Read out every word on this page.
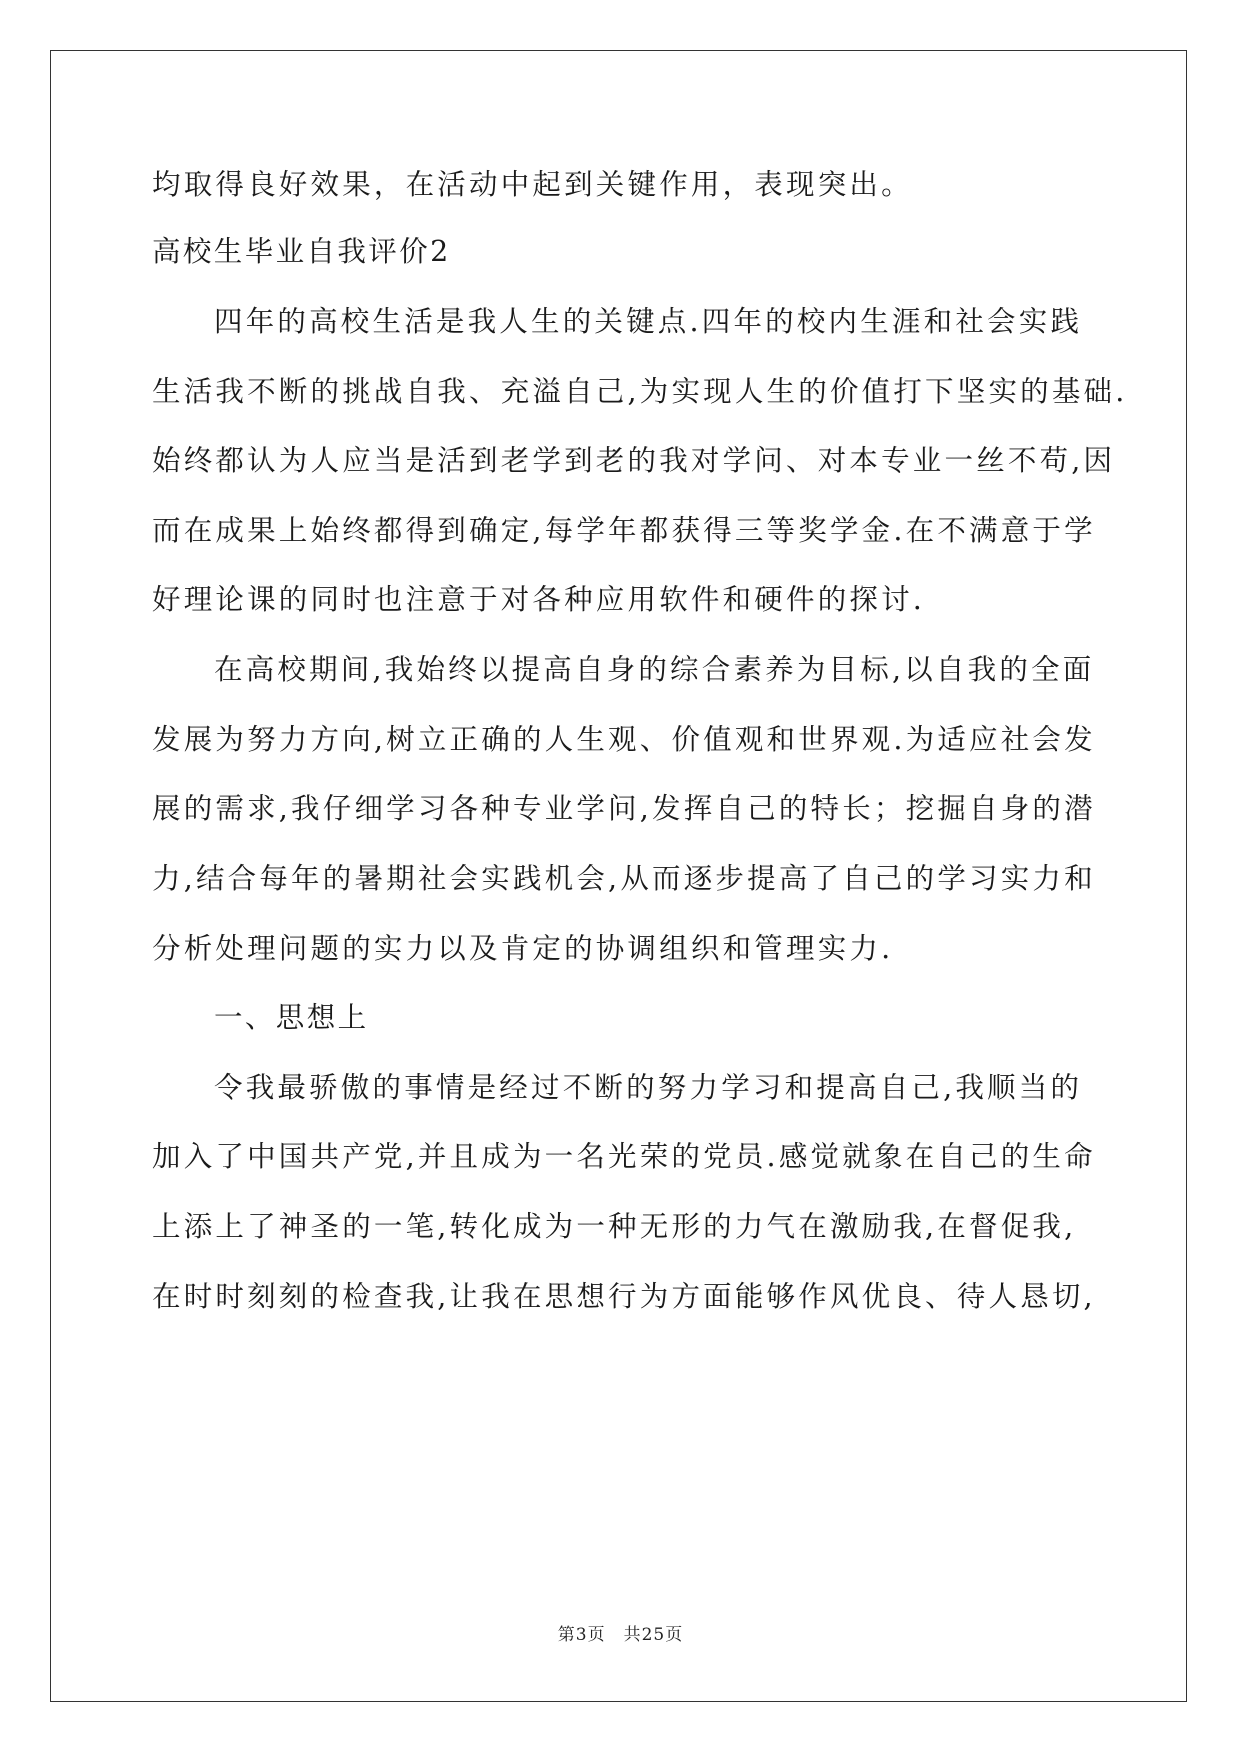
均取得良好效果，在活动中起到关键作用，表现突出。
高校生毕业自我评价2
四年的高校生活是我人生的关键点.四年的校内生涯和社会实践
生活我不断的挑战自我、充溢自己,为实现人生的价值打下坚实的基础.
始终都认为人应当是活到老学到老的我对学问、对本专业一丝不苟,因
而在成果上始终都得到确定,每学年都获得三等奖学金.在不满意于学
好理论课的同时也注意于对各种应用软件和硬件的探讨.
在高校期间,我始终以提高自身的综合素养为目标,以自我的全面
发展为努力方向,树立正确的人生观、价值观和世界观.为适应社会发
展的需求,我仔细学习各种专业学问,发挥自己的特长；挖掘自身的潜
力,结合每年的暑期社会实践机会,从而逐步提高了自己的学习实力和
分析处理问题的实力以及肯定的协调组织和管理实力.
一、思想上
令我最骄傲的事情是经过不断的努力学习和提高自己,我顺当的
加入了中国共产党,并且成为一名光荣的党员.感觉就象在自己的生命
上添上了神圣的一笔,转化成为一种无形的力气在激励我,在督促我,
在时时刻刻的检查我,让我在思想行为方面能够作风优良、待人恳切,
第3页 共25页
